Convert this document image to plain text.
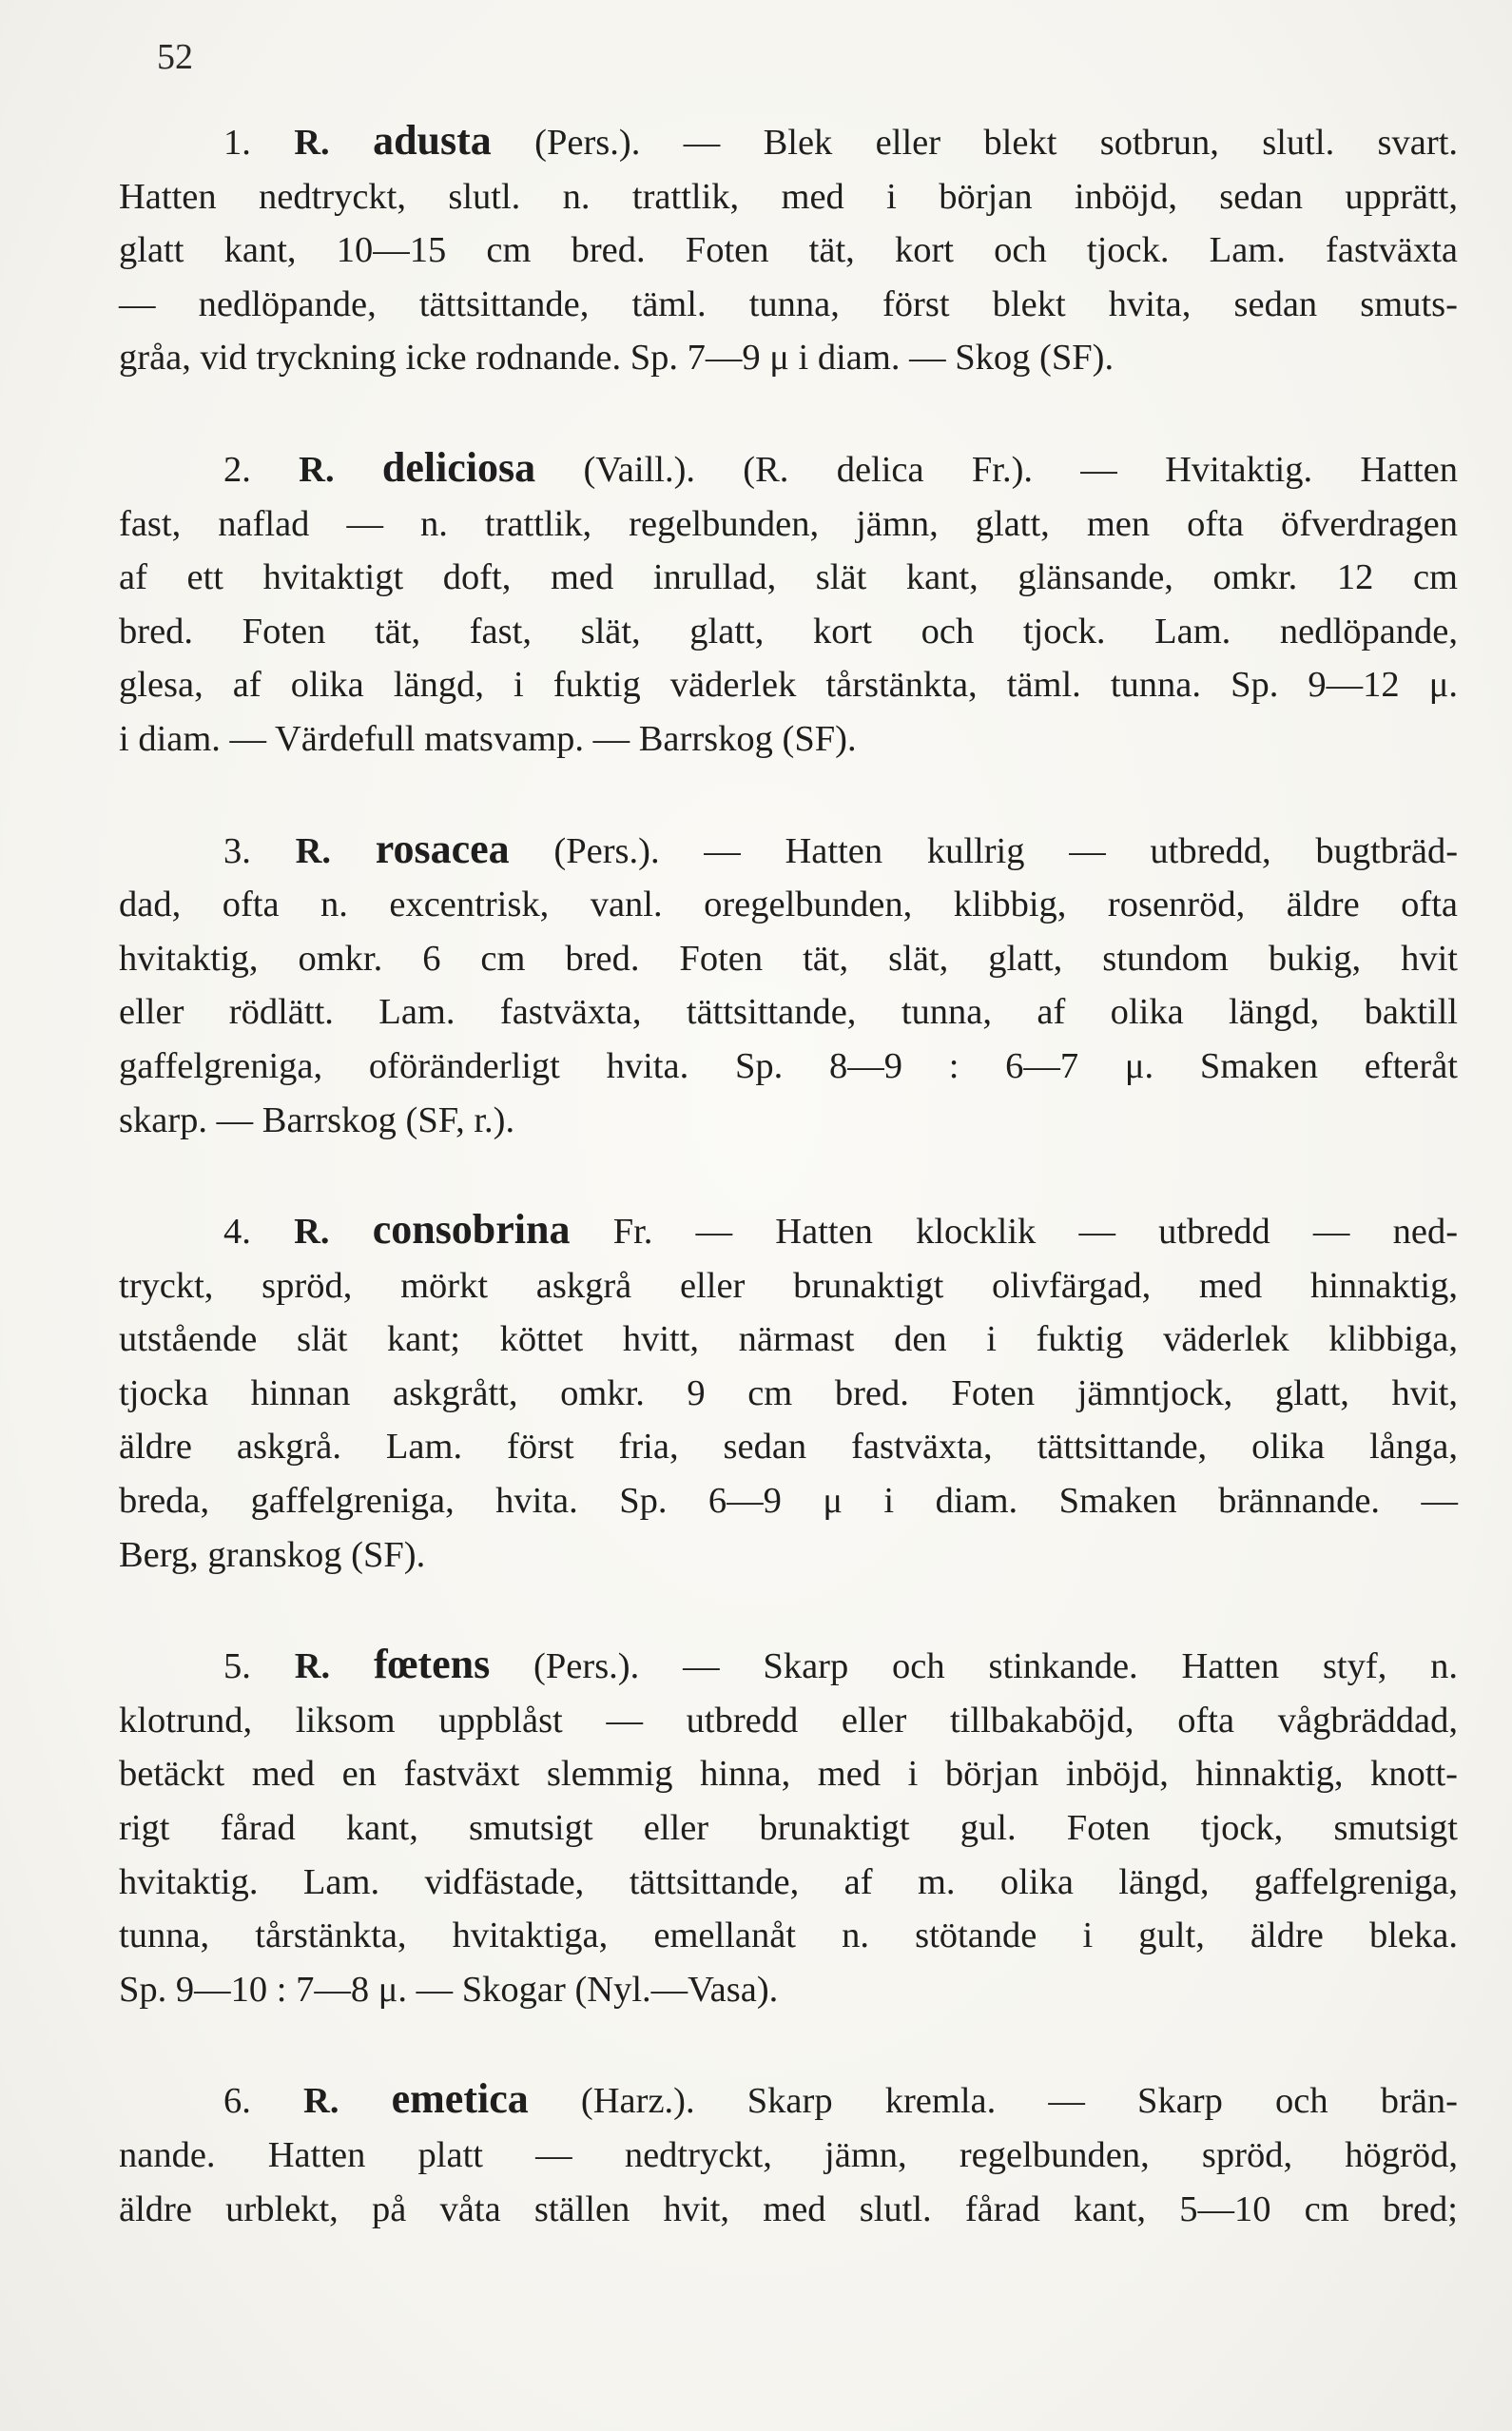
52

1. R. adusta (Pers.). — Blek eller blekt sotbrun, slutl. svart.

Hatten nedtryckt, slutl. n. trattlik, med i början inböjd, sedan upprätt,

glatt kant, 10—15 cm bred. Foten tät, kort och tjock. Lam. fastväxta

— nedlöpande, tättsittande, täml. tunna, först blekt hvita, sedan smuts-

gråa, vid tryckning icke rodnande. Sp. 7—9 μ i diam. — Skog (SF).

2. R. deliciosa (Vaill.). (R. delica Fr.). — Hvitaktig. Hatten

fast, naflad — n. trattlik, regelbunden, jämn, glatt, men ofta öfverdragen

af ett hvitaktigt doft, med inrullad, slät kant, glänsande, omkr. 12 cm

bred. Foten tät, fast, slät, glatt, kort och tjock. Lam. nedlöpande,

glesa, af olika längd, i fuktig väderlek tårstänkta, täml. tunna. Sp. 9—12 μ.

i diam. — Värdefull matsvamp. — Barrskog (SF).

3. R. rosacea (Pers.). — Hatten kullrig — utbredd, bugtbräd-

dad, ofta n. excentrisk, vanl. oregelbunden, klibbig, rosenröd, äldre ofta

hvitaktig, omkr. 6 cm bred. Foten tät, slät, glatt, stundom bukig, hvit

eller rödlätt. Lam. fastväxta, tättsittande, tunna, af olika längd, baktill

gaffelgreniga, oföränderligt hvita. Sp. 8—9 : 6—7 μ. Smaken efteråt

skarp. — Barrskog (SF, r.).

4. R. consobrina Fr. — Hatten klocklik — utbredd — ned-

tryckt, spröd, mörkt askgrå eller brunaktigt olivfärgad, med hinnaktig,

utstående slät kant; köttet hvitt, närmast den i fuktig väderlek klibbiga,

tjocka hinnan askgrått, omkr. 9 cm bred. Foten jämntjock, glatt, hvit,

äldre askgrå. Lam. först fria, sedan fastväxta, tättsittande, olika långa,

breda, gaffelgreniga, hvita. Sp. 6—9 μ i diam. Smaken brännande. —

Berg, granskog (SF).

5. R. fœtens (Pers.). — Skarp och stinkande. Hatten styf, n.

klotrund, liksom uppblåst — utbredd eller tillbakaböjd, ofta vågbräddad,

betäckt med en fastväxt slemmig hinna, med i början inböjd, hinnaktig, knott-

rigt fårad kant, smutsigt eller brunaktigt gul. Foten tjock, smutsigt

hvitaktig. Lam. vidfästade, tättsittande, af m. olika längd, gaffelgreniga,

tunna, tårstänkta, hvitaktiga, emellanåt n. stötande i gult, äldre bleka.

Sp. 9—10 : 7—8 μ. — Skogar (Nyl.—Vasa).

6. R. emetica (Harz.). Skarp kremla. — Skarp och brän-

nande. Hatten platt — nedtryckt, jämn, regelbunden, spröd, högröd,

äldre urblekt, på våta ställen hvit, med slutl. fårad kant, 5—10 cm bred;
